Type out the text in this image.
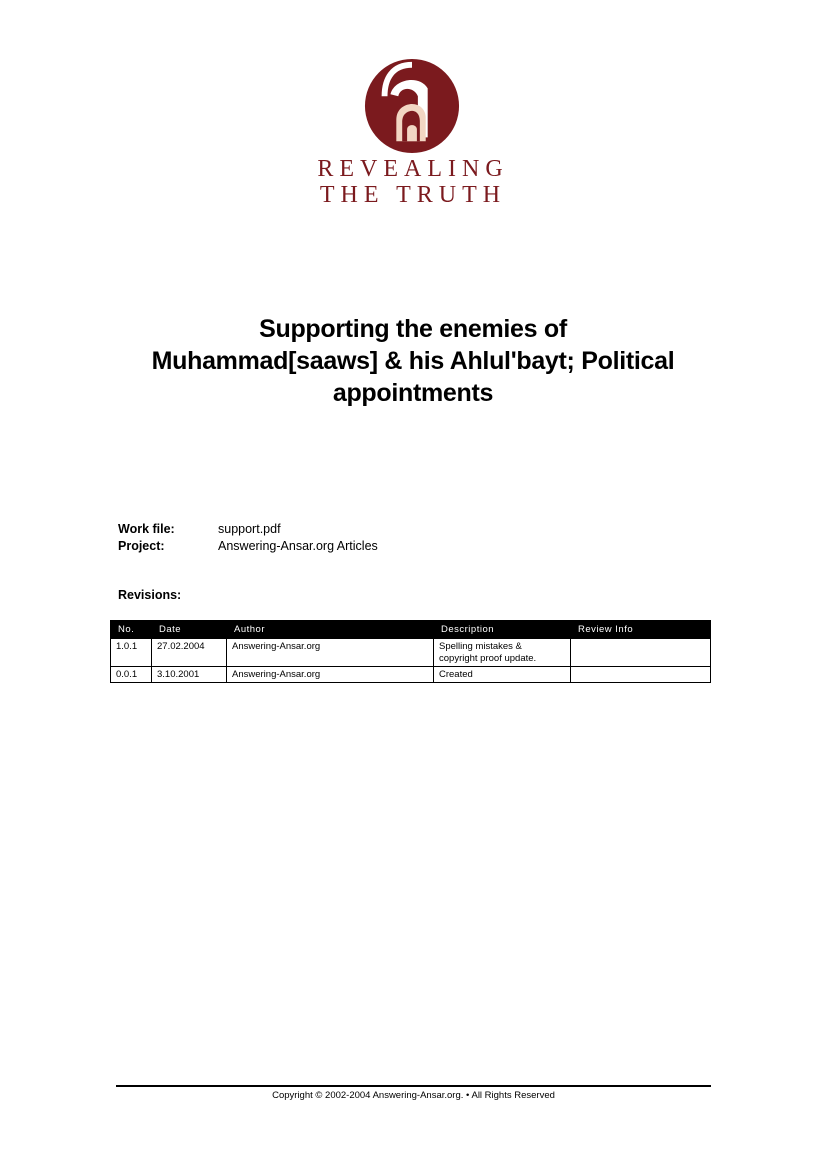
REVEALING
THE TRUTH
Supporting the enemies of
Muhammad[saaws] & his Ahlul'bayt; Political
appointments
Work file:	support.pdf
Project:	Answering-Ansar.org Articles
Revisions:
No.	Date	Author	Description	Review Info
1.0.1	27.02.2004	Answering-Ansar.org	Spelling mistakes &
copyright proof update.	
0.0.1	3.10.2001	Answering-Ansar.org	Created	
Copyright © 2002-2004 Answering-Ansar.org. • All Rights Reserved
